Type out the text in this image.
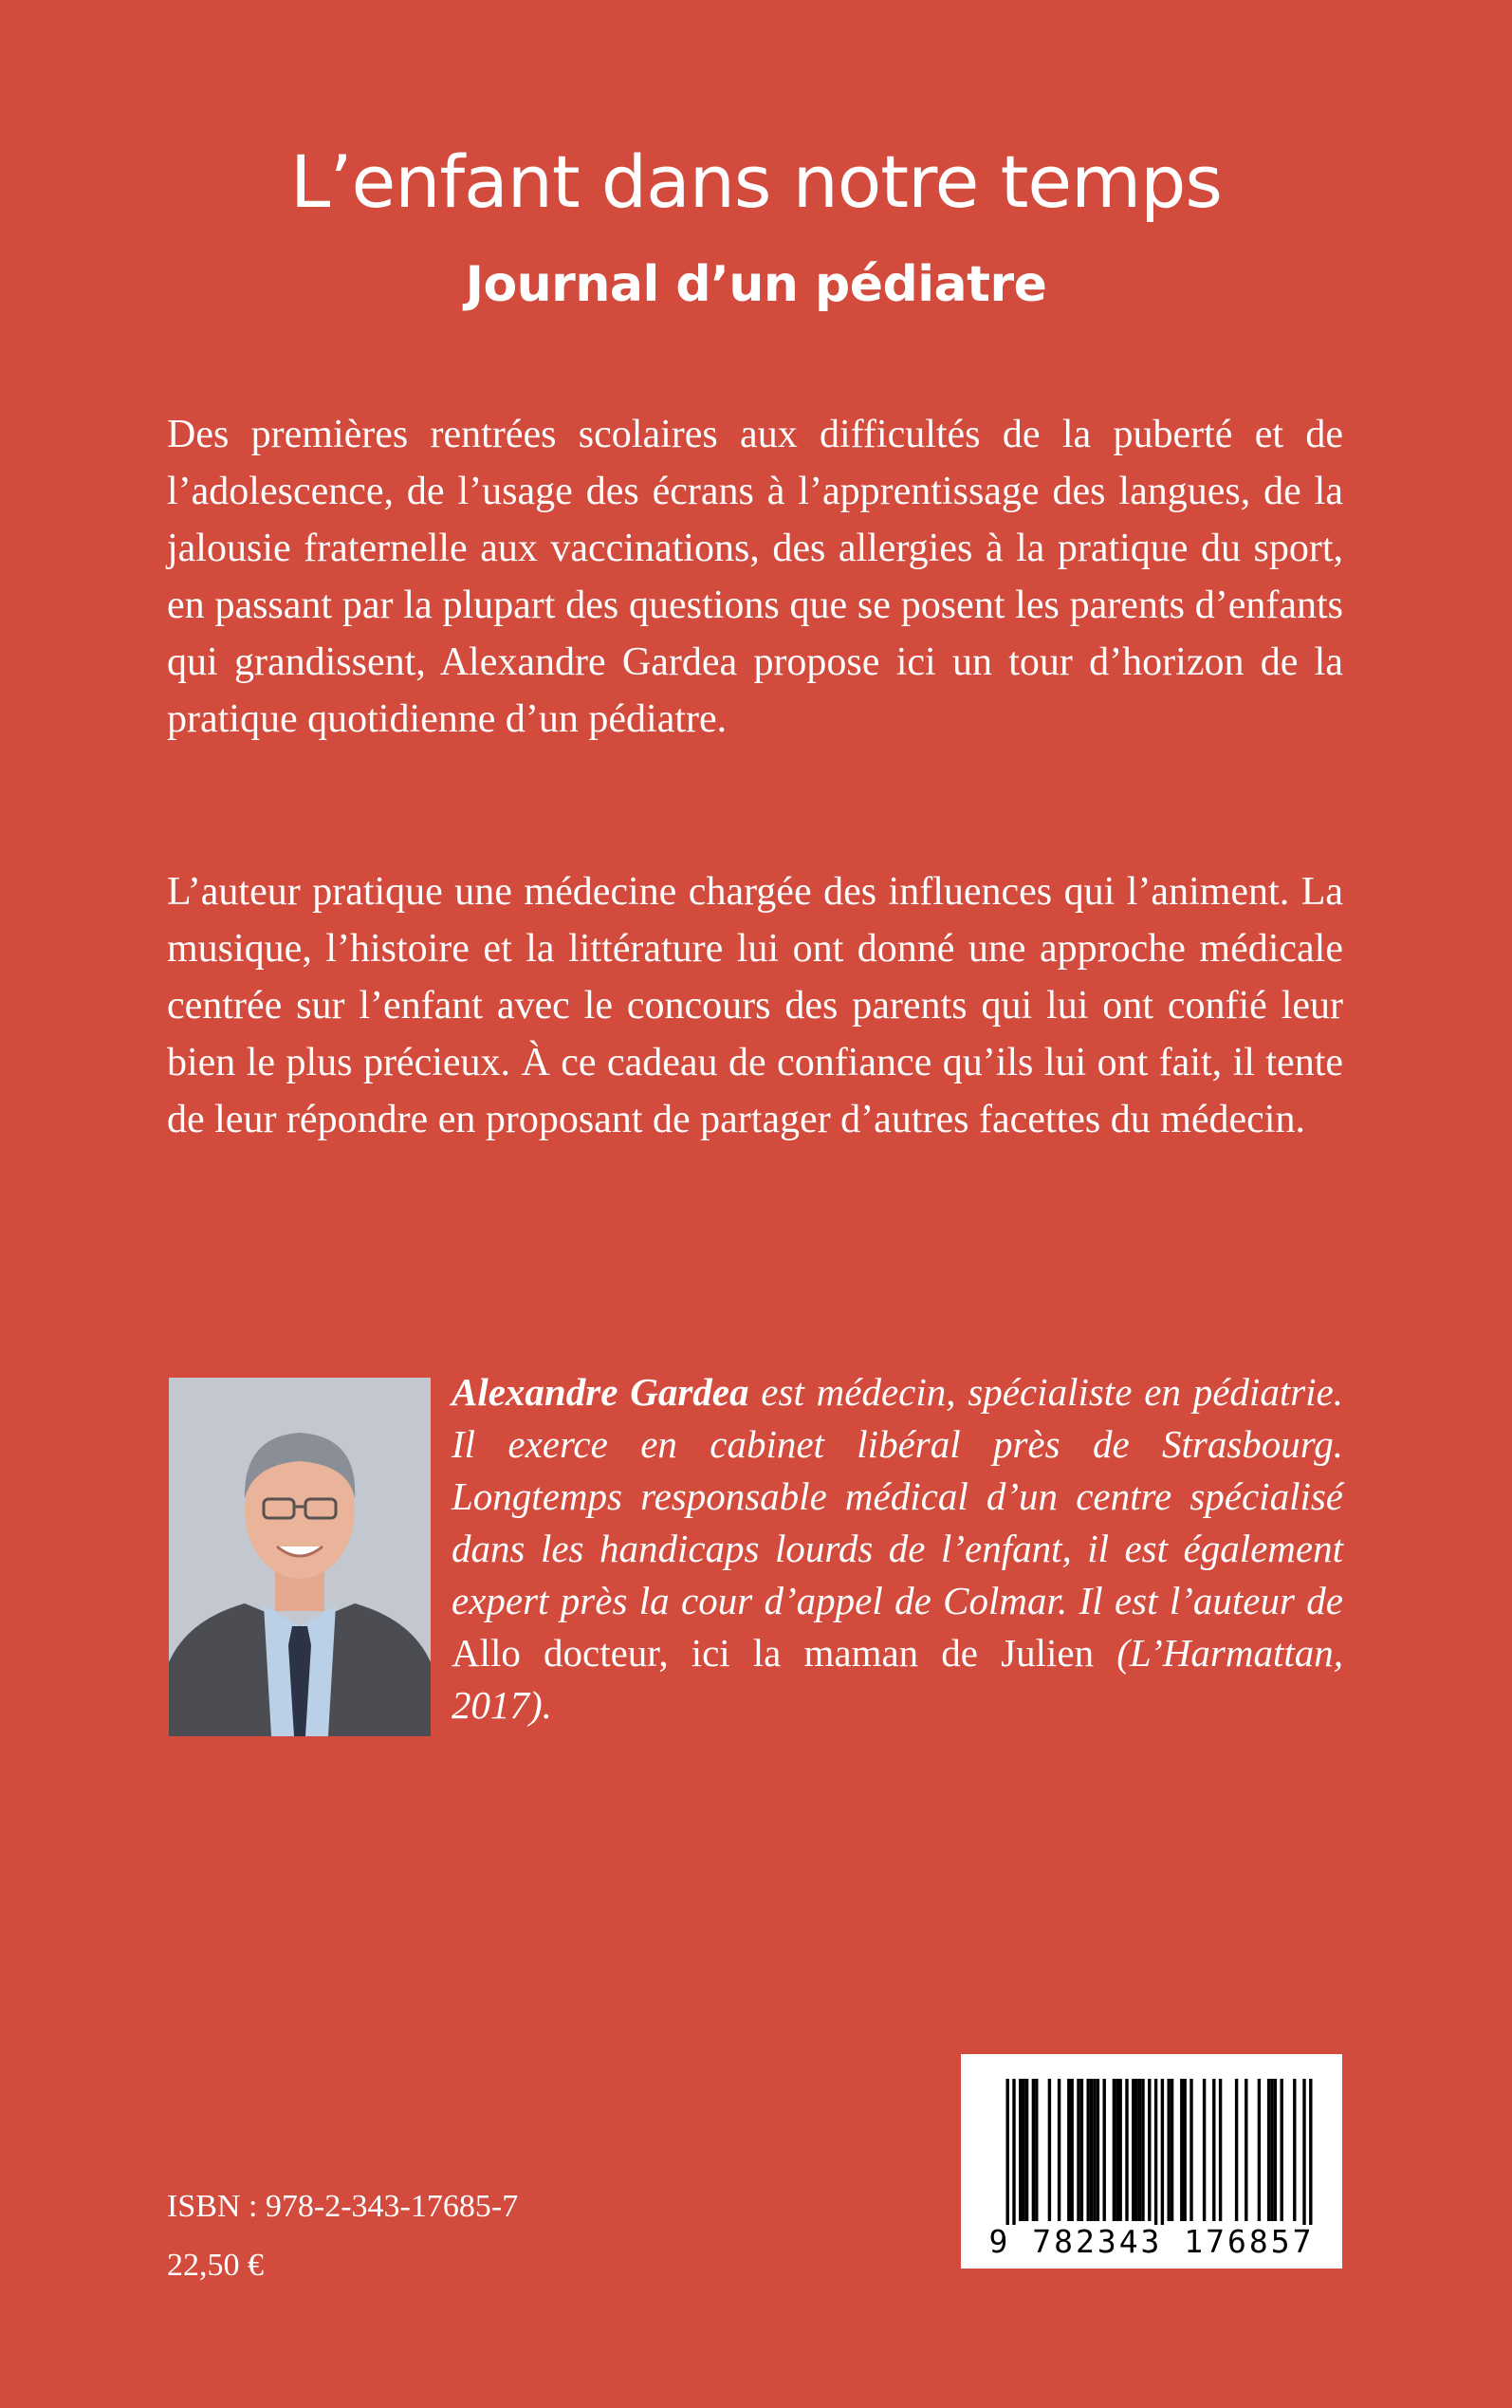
L’enfant dans notre temps
Journal d’un pédiatre

Des premières rentrées scolaires aux difficultés de la puberté et de l’adolescence, de l’usage des écrans à l’apprentissage des langues, de la jalousie fraternelle aux vaccinations, des allergies à la pratique du sport, en passant par la plupart des questions que se posent les parents d’enfants qui grandissent, Alexandre Gardea propose ici un tour d’horizon de la pratique quotidienne d’un pédiatre.

L’auteur pratique une médecine chargée des influences qui l’animent. La musique, l’histoire et la littérature lui ont donné une approche médicale centrée sur l’enfant avec le concours des parents qui lui ont confié leur bien le plus précieux. À ce cadeau de confiance qu’ils lui ont fait, il tente de leur répondre en proposant de partager d’autres facettes du médecin.

Alexandre Gardea est médecin, spécialiste en pédiatrie. Il exerce en cabinet libéral près de Strasbourg. Longtemps responsable médical d’un centre spécialisé dans les handicaps lourds de l’enfant, il est également expert près la cour d’appel de Colmar. Il est l’auteur de Allo docteur, ici la maman de Julien (L’Harmattan, 2017).

ISBN : 978-2-343-17685-7

22,50 €

9 782343 176857
